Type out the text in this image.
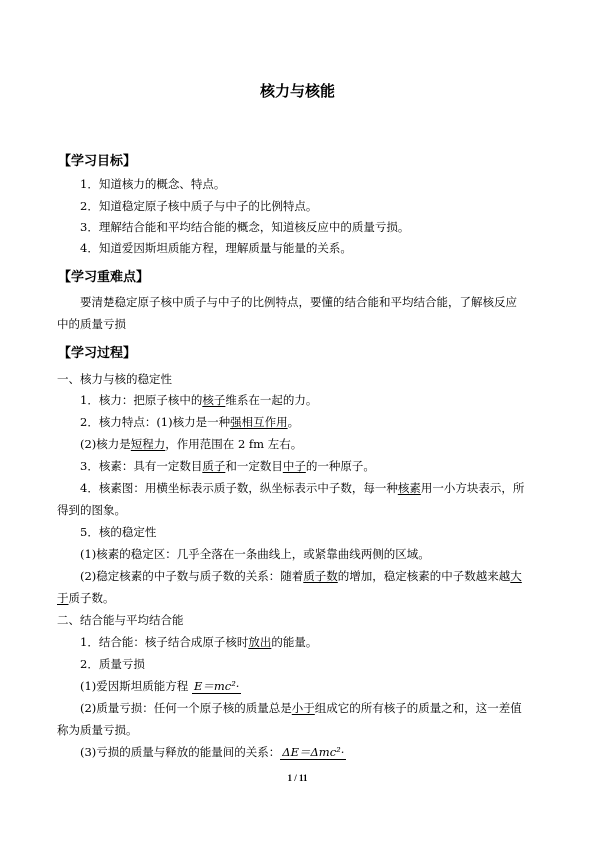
核力与核能
【学习目标】
1．知道核力的概念、特点。
2．知道稳定原子核中质子与中子的比例特点。
3．理解结合能和平均结合能的概念，知道核反应中的质量亏损。
4．知道爱因斯坦质能方程，理解质量与能量的关系。
【学习重难点】
要清楚稳定原子核中质子与中子的比例特点，要懂的结合能和平均结合能，了解核反应
中的质量亏损
【学习过程】
一、核力与核的稳定性
1．核力：把原子核中的核子维系在一起的力。
2．核力特点：(1)核力是一种强相互作用。
(2)核力是短程力，作用范围在 2 fm 左右。
3．核素：具有一定数目质子和一定数目中子的一种原子。
4．核素图：用横坐标表示质子数，纵坐标表示中子数，每一种核素用一小方块表示，所
得到的图象。
5．核的稳定性
(1)核素的稳定区：几乎全落在一条曲线上，或紧靠曲线两侧的区域。
(2)稳定核素的中子数与质子数的关系：随着质子数的增加，稳定核素的中子数越来越大
于质子数。
二、结合能与平均结合能
1．结合能：核子结合成原子核时放出的能量。
2．质量亏损
(1)爱因斯坦质能方程 E＝mc²·
(2)质量亏损：任何一个原子核的质量总是小于组成它的所有核子的质量之和，这一差值
称为质量亏损。
(3)亏损的质量与释放的能量间的关系： ΔE＝Δmc²·
1 / 11
